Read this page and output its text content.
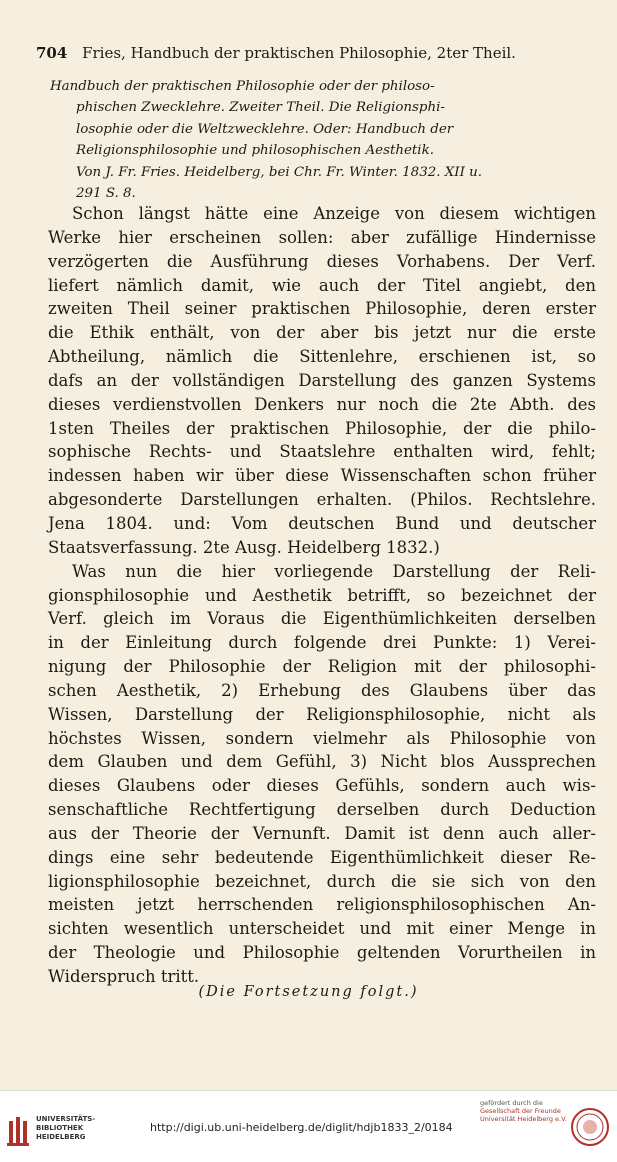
704 Fries, Handbuch der praktischen Philosophie, 2ter Theil.
Handbuch der praktischen Philosophie oder der philoso-
phischen Zwecklehre. Zweiter Theil. Die Religionsphi-
losophie oder die Weltzwecklehre. Oder: Handbuch der
Religionsphilosophie und philosophischen Aesthetik.
Von J. Fr. Fries. Heidelberg, bei Chr. Fr. Winter. 1832. XII u.
291 S. 8.
Schon längst hätte eine Anzeige von diesem wichtigen
Werke hier erscheinen sollen: aber zufällige Hindernisse
verzögerten die Ausführung dieses Vorhabens. Der Verf.
liefert nämlich damit, wie auch der Titel angiebt, den
zweiten Theil seiner praktischen Philosophie, deren erster
die Ethik enthält, von der aber bis jetzt nur die erste
Abtheilung, nämlich die Sittenlehre, erschienen ist, so
dafs an der vollständigen Darstellung des ganzen Systems
dieses verdienstvollen Denkers nur noch die 2te Abth. des
1sten Theiles der praktischen Philosophie, der die philo-
sophische Rechts- und Staatslehre enthalten wird, fehlt;
indessen haben wir über diese Wissenschaften schon früher
abgesonderte Darstellungen erhalten. (Philos. Rechtslehre.
Jena 1804. und: Vom deutschen Bund und deutscher
Staatsverfassung. 2te Ausg. Heidelberg 1832.)
Was nun die hier vorliegende Darstellung der Reli-
gionsphilosophie und Aesthetik betrifft, so bezeichnet der
Verf. gleich im Voraus die Eigenthümlichkeiten derselben
in der Einleitung durch folgende drei Punkte: 1) Verei-
nigung der Philosophie der Religion mit der philosophi-
schen Aesthetik, 2) Erhebung des Glaubens über das
Wissen, Darstellung der Religionsphilosophie, nicht als
höchstes Wissen, sondern vielmehr als Philosophie von
dem Glauben und dem Gefühl, 3) Nicht blos Aussprechen
dieses Glaubens oder dieses Gefühls, sondern auch wis-
senschaftliche Rechtfertigung derselben durch Deduction
aus der Theorie der Vernunft. Damit ist denn auch aller-
dings eine sehr bedeutende Eigenthümlichkeit dieser Re-
ligionsphilosophie bezeichnet, durch die sie sich von den
meisten jetzt herrschenden religionsphilosophischen An-
sichten wesentlich unterscheidet und mit einer Menge in
der Theologie und Philosophie geltenden Vorurtheilen in
Widerspruch tritt.
(Die Fortsetzung folgt.)
UNIVERSITÄTS-
BIBLIOTHEK
HEIDELBERG
http://digi.ub.uni-heidelberg.de/diglit/hdjb1833_2/0184
gefördert durch die
Gesellschaft der Freunde
Universität Heidelberg e.V.
